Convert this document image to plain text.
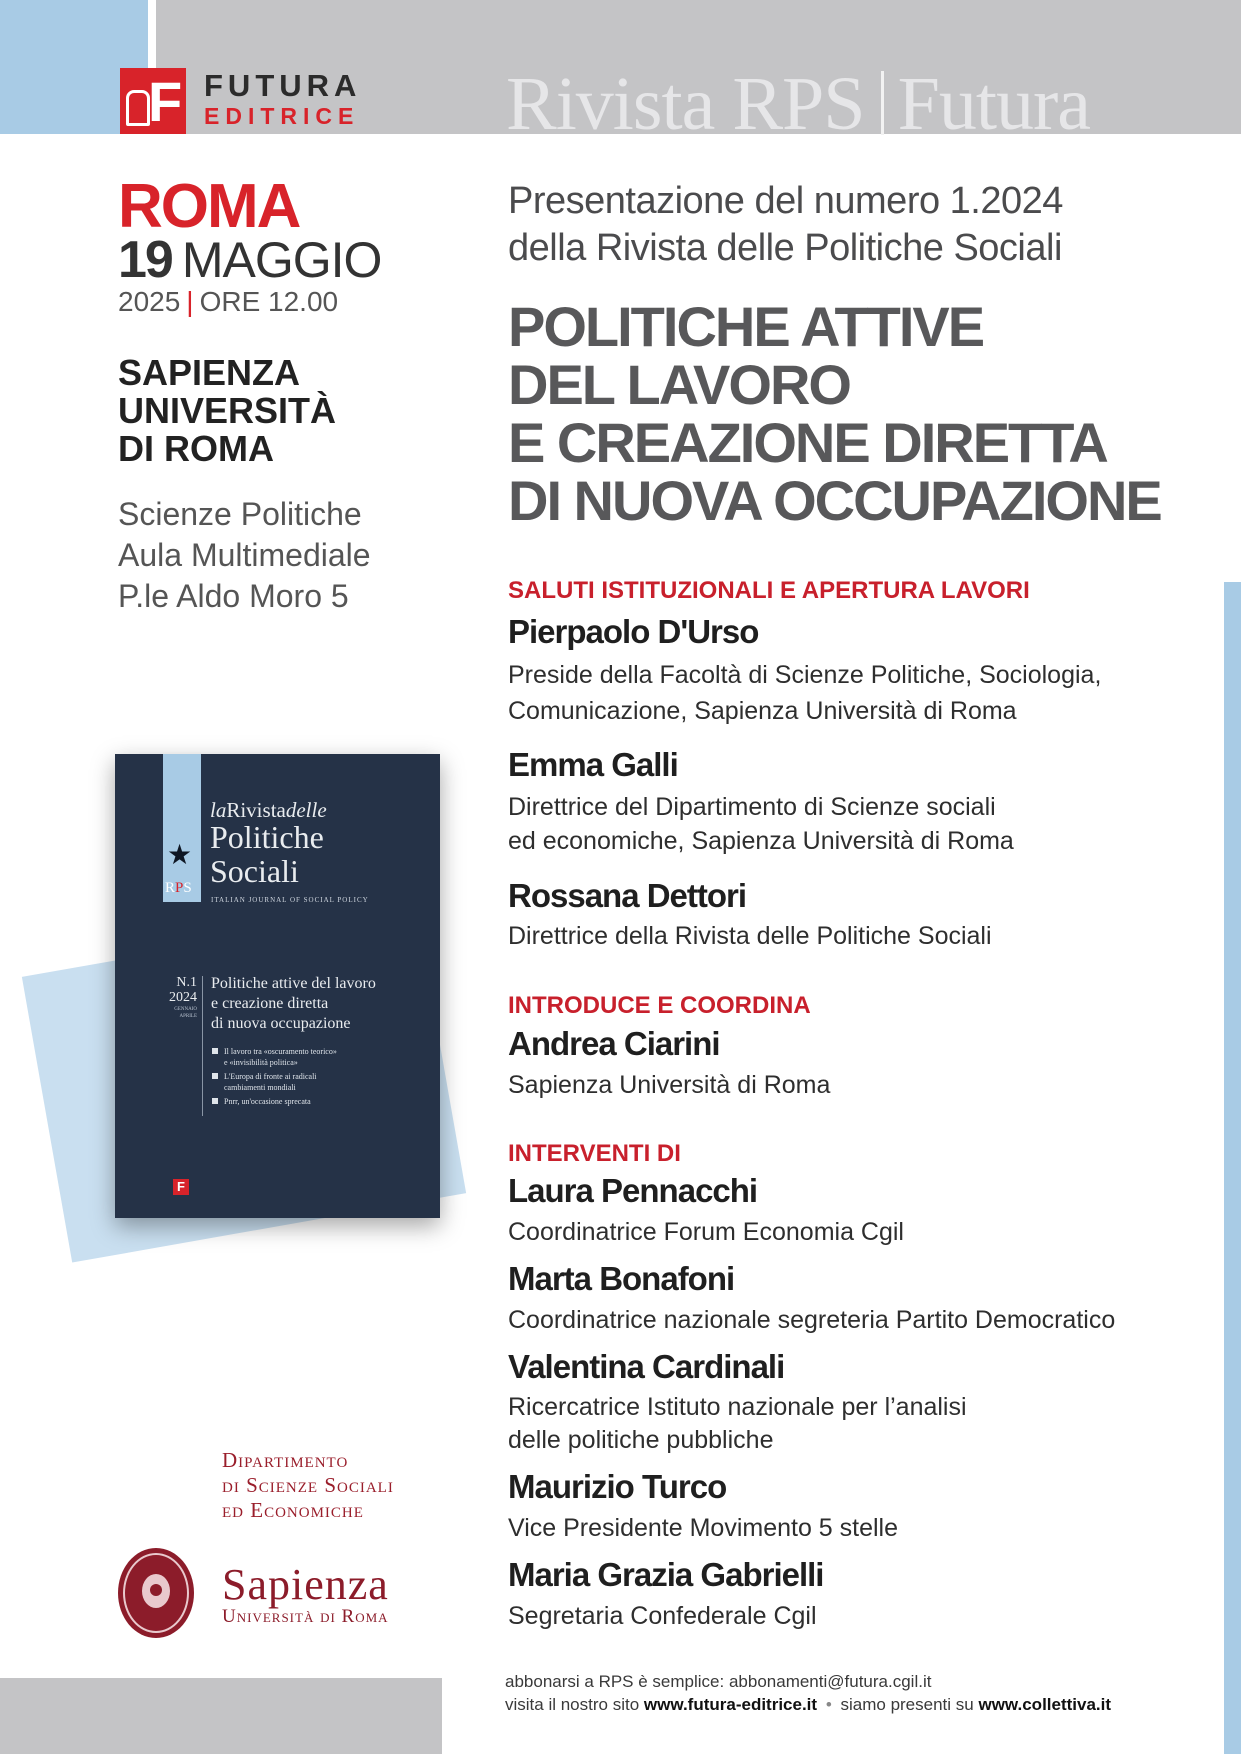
F FUTURA
EDITRICE Rivista RPS Futura
ROMA
19 MAGGIO
2025 | ORE 12.00
SAPIENZA
UNIVERSITÀ
DI ROMA
Scienze Politiche
Aula Multimediale
P.le Aldo Moro 5
★
RPS
laRivistadelle
Politiche
Sociali
ITALIAN JOURNAL OF SOCIAL POLICY
N.1
2024
GENNAIO
APRILE
Politiche attive del lavoro
e creazione diretta
di nuova occupazione
Il lavoro tra «oscuramento teorico»
e «invisibilità politica»
L'Europa di fronte ai radicali
cambiamenti mondiali
Pnrr, un'occasione sprecata
F
Dipartimento
di Scienze Sociali
ed Economiche
Sapienza
Università di Roma
Presentazione del numero 1.2024
della Rivista delle Politiche Sociali
POLITICHE ATTIVE
DEL LAVORO
E CREAZIONE DIRETTA
DI NUOVA OCCUPAZIONE
SALUTI ISTITUZIONALI E APERTURA LAVORI
Pierpaolo D'Urso
Preside della Facoltà di Scienze Politiche, Sociologia,
Comunicazione, Sapienza Università di Roma
Emma Galli
Direttrice del Dipartimento di Scienze sociali
ed economiche, Sapienza Università di Roma
Rossana Dettori
Direttrice della Rivista delle Politiche Sociali
INTRODUCE E COORDINA
Andrea Ciarini
Sapienza Università di Roma
INTERVENTI DI
Laura Pennacchi
Coordinatrice Forum Economia Cgil
Marta Bonafoni
Coordinatrice nazionale segreteria Partito Democratico
Valentina Cardinali
Ricercatrice Istituto nazionale per l’analisi
delle politiche pubbliche
Maurizio Turco
Vice Presidente Movimento 5 stelle
Maria Grazia Gabrielli
Segretaria Confederale Cgil
abbonarsi a RPS è semplice: abbonamenti@futura.cgil.it
visita il nostro sito www.futura-editrice.it • siamo presenti su www.collettiva.it
